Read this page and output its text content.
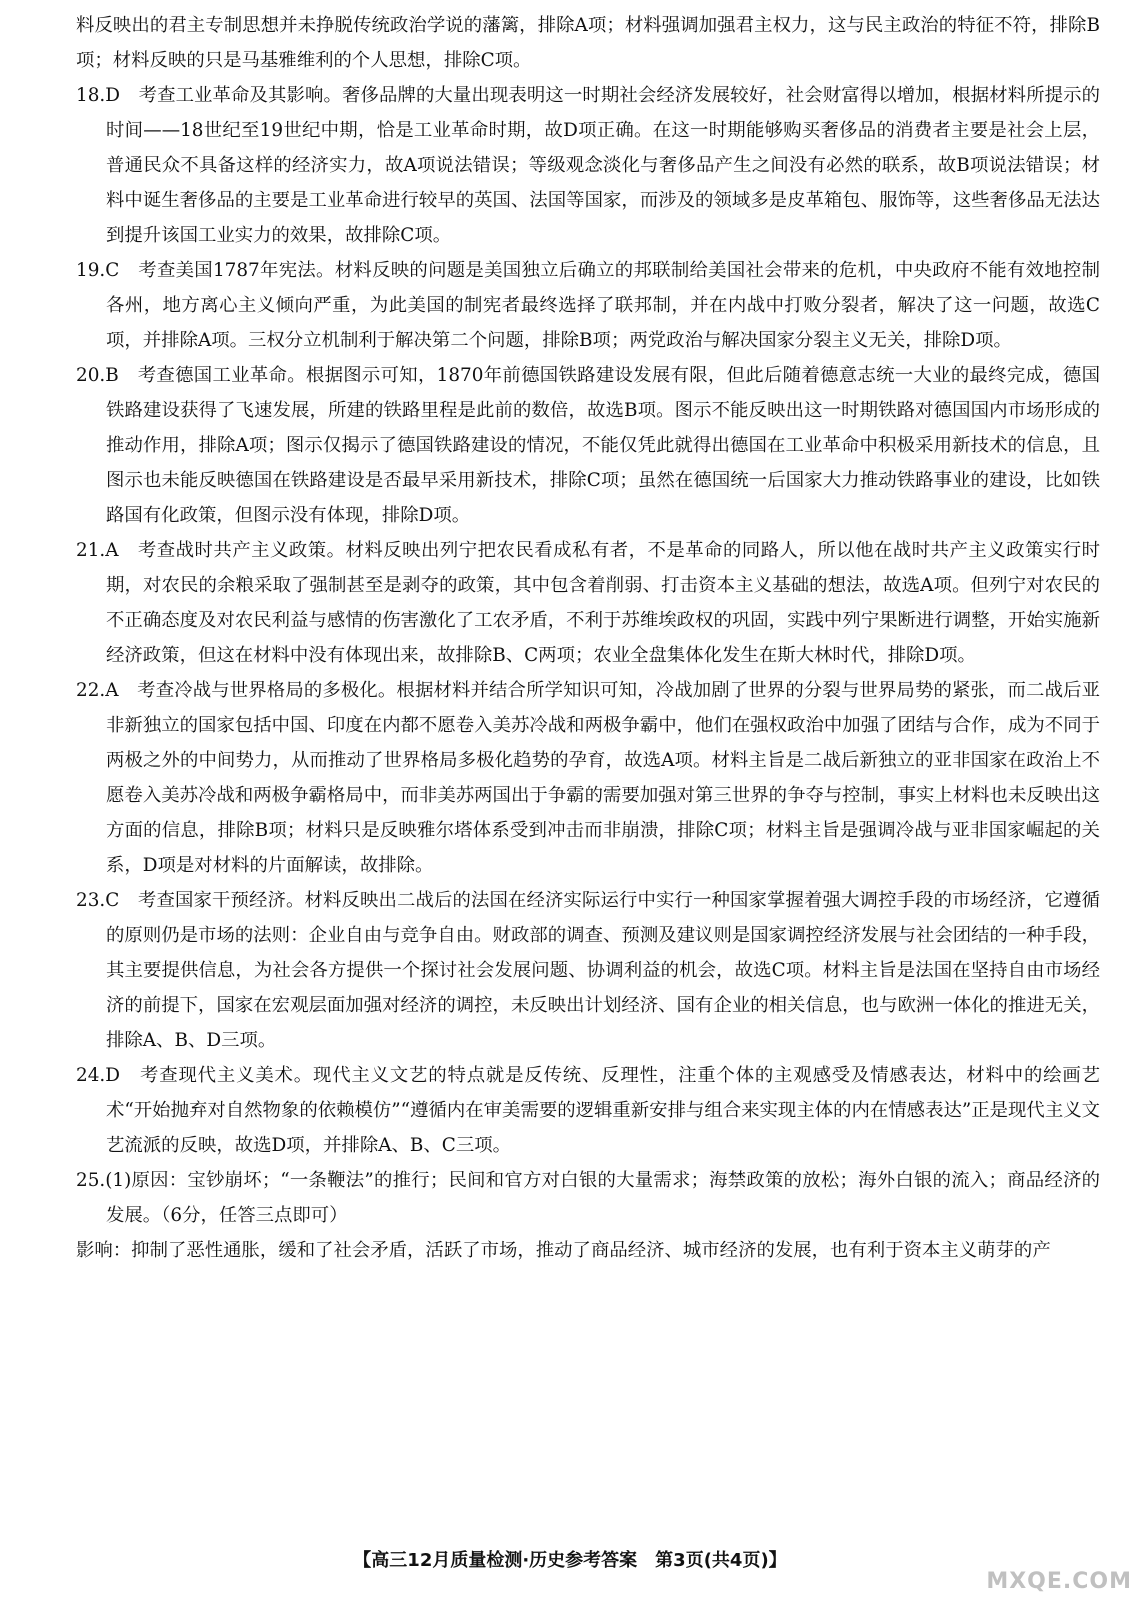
料反映出的君主专制思想并未挣脱传统政治学说的藩篱，排除A项；材料强调加强君主权力，这与民主政治的特征不符，排除B项；材料反映的只是马基雅维利的个人思想，排除C项。

18.D　考查工业革命及其影响。奢侈品牌的大量出现表明这一时期社会经济发展较好，社会财富得以增加，根据材料所提示的时间——18世纪至19世纪中期，恰是工业革命时期，故D项正确。在这一时期能够购买奢侈品的消费者主要是社会上层，普通民众不具备这样的经济实力，故A项说法错误；等级观念淡化与奢侈品产生之间没有必然的联系，故B项说法错误；材料中诞生奢侈品的主要是工业革命进行较早的英国、法国等国家，而涉及的领域多是皮革箱包、服饰等，这些奢侈品无法达到提升该国工业实力的效果，故排除C项。

19.C　考查美国1787年宪法。材料反映的问题是美国独立后确立的邦联制给美国社会带来的危机，中央政府不能有效地控制各州，地方离心主义倾向严重，为此美国的制宪者最终选择了联邦制，并在内战中打败分裂者，解决了这一问题，故选C项，并排除A项。三权分立机制利于解决第二个问题，排除B项；两党政治与解决国家分裂主义无关，排除D项。

20.B　考查德国工业革命。根据图示可知，1870年前德国铁路建设发展有限，但此后随着德意志统一大业的最终完成，德国铁路建设获得了飞速发展，所建的铁路里程是此前的数倍，故选B项。图示不能反映出这一时期铁路对德国国内市场形成的推动作用，排除A项；图示仅揭示了德国铁路建设的情况，不能仅凭此就得出德国在工业革命中积极采用新技术的信息，且图示也未能反映德国在铁路建设是否最早采用新技术，排除C项；虽然在德国统一后国家大力推动铁路事业的建设，比如铁路国有化政策，但图示没有体现，排除D项。

21.A　考查战时共产主义政策。材料反映出列宁把农民看成私有者，不是革命的同路人，所以他在战时共产主义政策实行时期，对农民的余粮采取了强制甚至是剥夺的政策，其中包含着削弱、打击资本主义基础的想法，故选A项。但列宁对农民的不正确态度及对农民利益与感情的伤害激化了工农矛盾，不利于苏维埃政权的巩固，实践中列宁果断进行调整，开始实施新经济政策，但这在材料中没有体现出来，故排除B、C两项；农业全盘集体化发生在斯大林时代，排除D项。

22.A　考查冷战与世界格局的多极化。根据材料并结合所学知识可知，冷战加剧了世界的分裂与世界局势的紧张，而二战后亚非新独立的国家包括中国、印度在内都不愿卷入美苏冷战和两极争霸中，他们在强权政治中加强了团结与合作，成为不同于两极之外的中间势力，从而推动了世界格局多极化趋势的孕育，故选A项。材料主旨是二战后新独立的亚非国家在政治上不愿卷入美苏冷战和两极争霸格局中，而非美苏两国出于争霸的需要加强对第三世界的争夺与控制，事实上材料也未反映出这方面的信息，排除B项；材料只是反映雅尔塔体系受到冲击而非崩溃，排除C项；材料主旨是强调冷战与亚非国家崛起的关系，D项是对材料的片面解读，故排除。

23.C　考查国家干预经济。材料反映出二战后的法国在经济实际运行中实行一种国家掌握着强大调控手段的市场经济，它遵循的原则仍是市场的法则：企业自由与竞争自由。财政部的调查、预测及建议则是国家调控经济发展与社会团结的一种手段，其主要提供信息，为社会各方提供一个探讨社会发展问题、协调利益的机会，故选C项。材料主旨是法国在坚持自由市场经济的前提下，国家在宏观层面加强对经济的调控，未反映出计划经济、国有企业的相关信息，也与欧洲一体化的推进无关，排除A、B、D三项。

24.D　考查现代主义美术。现代主义文艺的特点就是反传统、反理性，注重个体的主观感受及情感表达，材料中的绘画艺术“开始抛弃对自然物象的依赖模仿”“遵循内在审美需要的逻辑重新安排与组合来实现主体的内在情感表达”正是现代主义文艺流派的反映，故选D项，并排除A、B、C三项。

25.(1)原因：宝钞崩坏；“一条鞭法”的推行；民间和官方对白银的大量需求；海禁政策的放松；海外白银的流入；商品经济的发展。（6分，任答三点即可）

影响：抑制了恶性通胀，缓和了社会矛盾，活跃了市场，推动了商品经济、城市经济的发展，也有利于资本主义萌芽的产

【高三12月质量检测·历史参考答案　第3页(共4页)】
MXQE.COM
